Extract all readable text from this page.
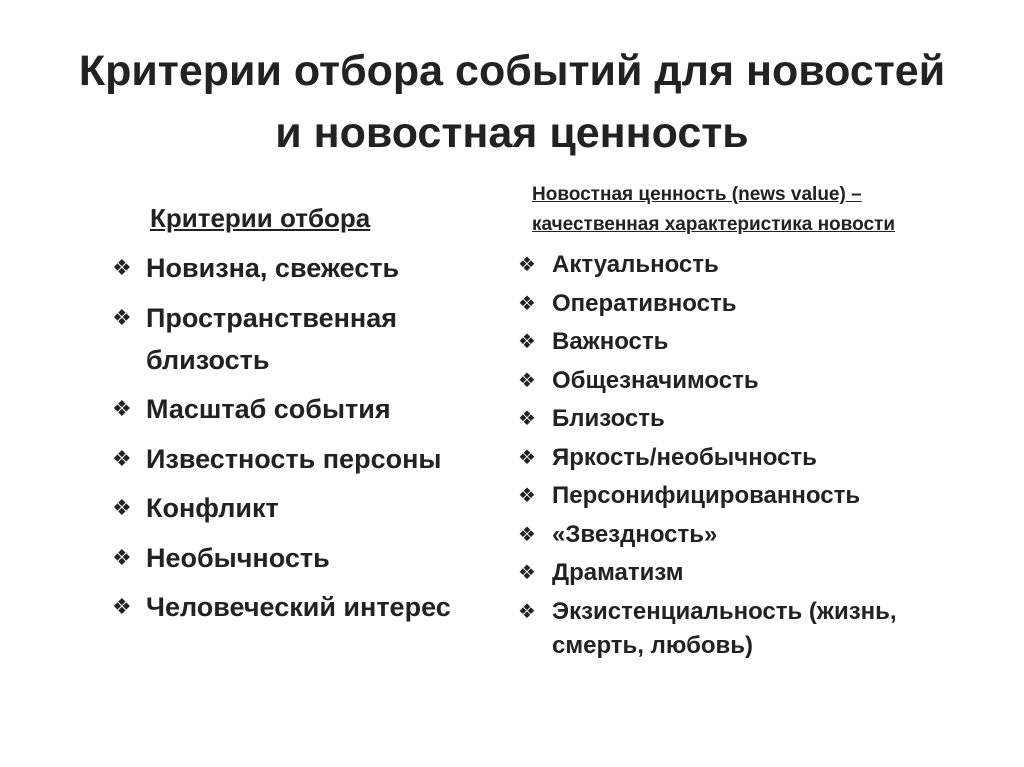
Критерии отбора событий для новостей
и новостная ценность
Критерии отбора
❖ Новизна, свежесть
❖ Пространственная близость
❖ Масштаб события
❖ Известность персоны
❖ Конфликт
❖ Необычность
❖ Человеческий интерес
Новостная ценность (news value) –
качественная характеристика новости
❖ Актуальность
❖ Оперативность
❖ Важность
❖ Общезначимость
❖ Близость
❖ Яркость/необычность
❖ Персонифицированность
❖ «Звездность»
❖ Драматизм
❖ Экзистенциальность (жизнь, смерть, любовь)
